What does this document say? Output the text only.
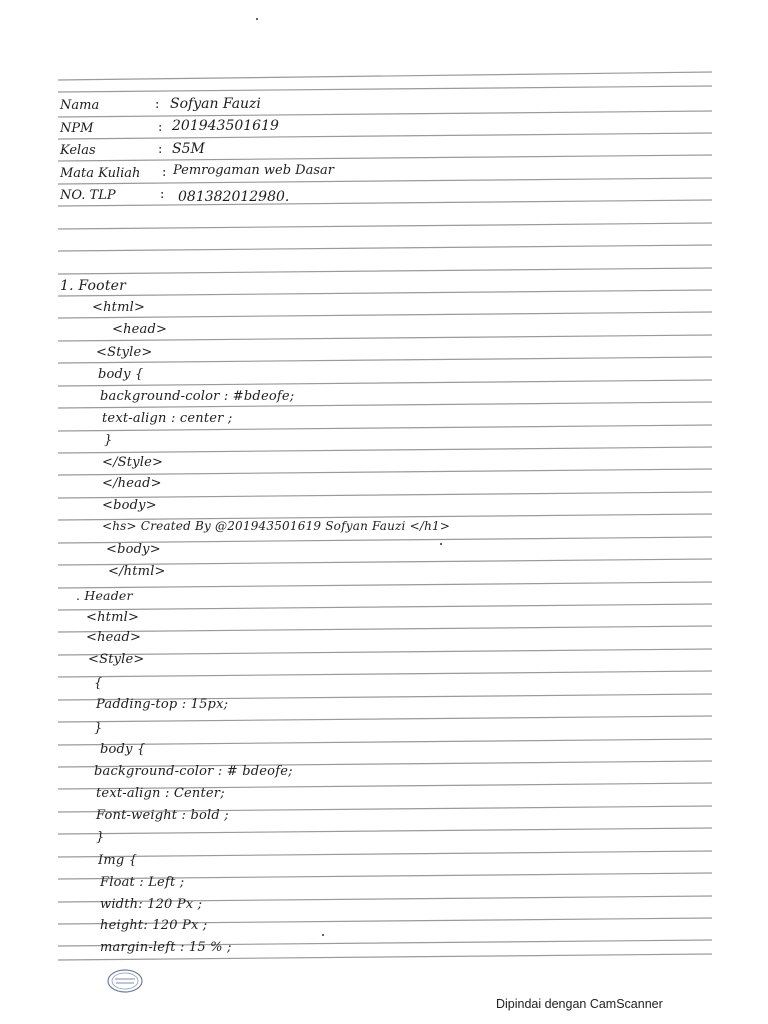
Nama	: Sofyan Fauzi
NPM	: 201943501619
Kelas	: S5M
Mata Kuliah : Pemrogaman web Dasar
NO. TLP	: 081382012980.
1. Footer
<html>
<head>
<Style>
body {
background-color : #bdeofe;
text-align : center ;
}
</Style>
</head>
<body>
<hs> Created By @201943501619 Sofyan Fauzi </h1>
<body>
</html>
. Header
<html>
<head>
<Style>
{
Padding-top : 15px;
}
body {
background-color : # bdeofe;
text-align : Center;
Font-weight : bold ;
}
Img {
Float : Left ;
width: 120 Px ;
height: 120 Px ;
margin-left : 15 % ;
Dipindai dengan CamScanner
